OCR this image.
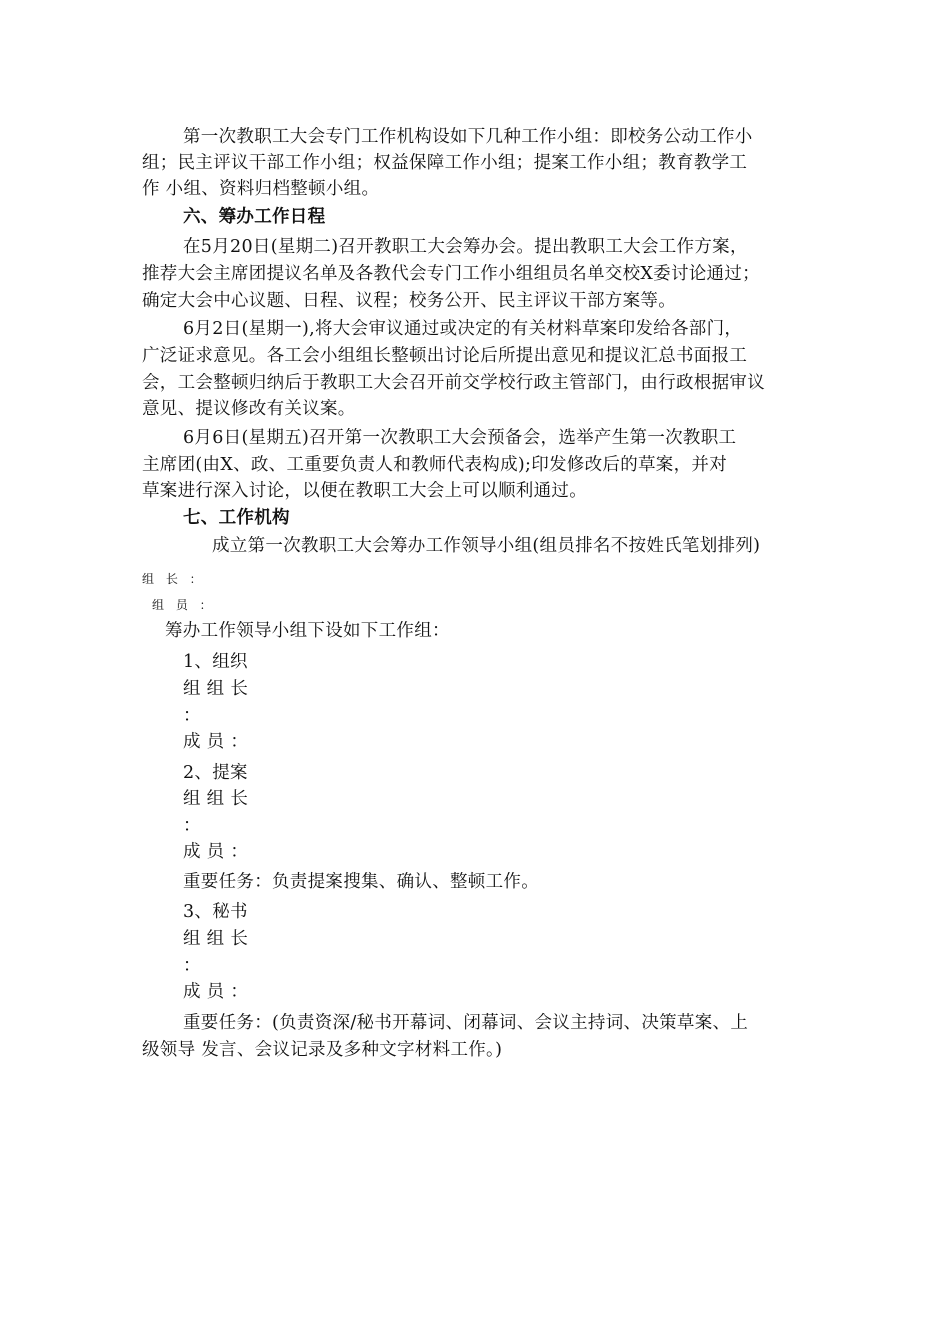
第一次教职工大会专门工作机构设如下几种工作小组：即校务公动工作小
组；民主评议干部工作小组；权益保障工作小组；提案工作小组；教育教学工
作 小组、资料归档整顿小组。
六、筹办工作日程
在5月20日(星期二)召开教职工大会筹办会。提出教职工大会工作方案，
推荐大会主席团提议名单及各教代会专门工作小组组员名单交校X委讨论通过；
确定大会中心议题、日程、议程；校务公开、民主评议干部方案等。
6月2日(星期一),将大会审议通过或决定的有关材料草案印发给各部门，
广泛证求意见。各工会小组组长整顿出讨论后所提出意见和提议汇总书面报工
会，工会整顿归纳后于教职工大会召开前交学校行政主管部门，由行政根据审议
意见、提议修改有关议案。
6月6日(星期五)召开第一次教职工大会预备会，选举产生第一次教职工
主席团(由X、政、工重要负责人和教师代表构成);印发修改后的草案，并对
草案进行深入讨论，以便在教职工大会上可以顺利通过。
七、工作机构
成立第一次教职工大会筹办工作领导小组(组员排名不按姓氏笔划排列)
组 长 ：
组 员 ：
筹办工作领导小组下设如下工作组：
1、组织
组 组 长
：
成 员 ：
2、提案
组 组 长
：
成 员 ：
重要任务：负责提案搜集、确认、整顿工作。
3、秘书
组 组 长
：
成 员 ：
重要任务：(负责资深/秘书开幕词、闭幕词、会议主持词、决策草案、上
级领导 发言、会议记录及多种文字材料工作。)
